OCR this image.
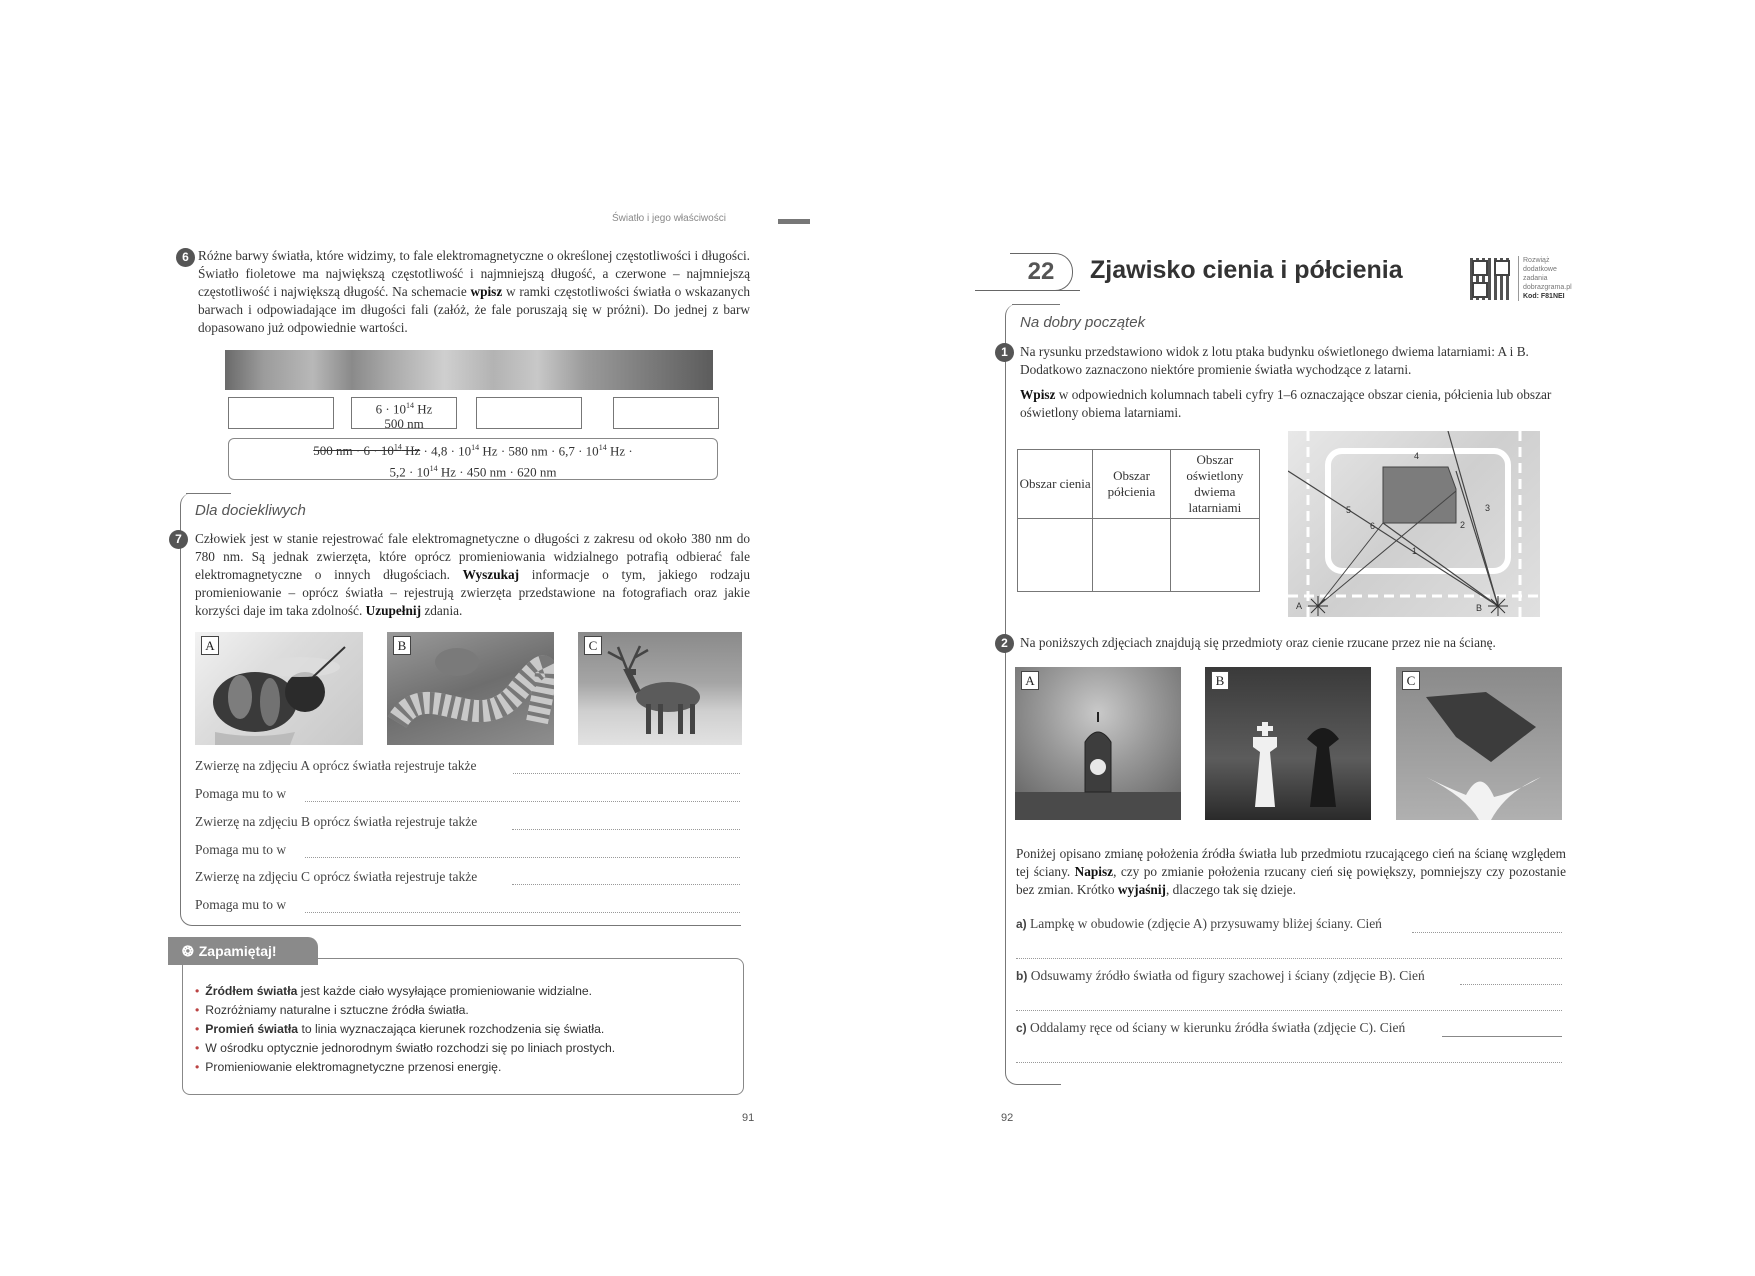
Światło i jego właściwości
6 Różne barwy światła, które widzimy, to fale elektromagnetyczne o określonej częstotliwości i długości. Światło fioletowe ma największą częstotliwość i najmniejszą długość, a czerwone – najmniejszą częstotliwość i największą długość. Na schemacie wpisz w ramki częstotliwości światła o wskazanych barwach i odpowiadające im długości fali (załóż, że fale poruszają się w próżni). Do jednej z barw dopasowano już odpowiednie wartości.
$6 \cdot 10^{14}$ Hz
500 nm
500 nm · $6 \cdot 10^{14}$ $Hz \cdot 4,8 \cdot 10^{14}$ Hz · 580 nm · $6,7 \cdot 10^{14}$ Hz ·
$5,2 \cdot 10^{14}$ Hz · 450 nm · 620 nm
Dla dociekliwych
7 Człowiek jest w stanie rejestrować fale elektromagnetyczne o długości z zakresu od około 380 nm do 780 nm. Są jednak zwierzęta, które oprócz promieniowania widzialnego potrafią odbierać fale elektromagnetyczne o innych długościach. Wyszukaj informacje o tym, jakiego rodzaju promieniowanie – oprócz światła – rejestrują zwierzęta przedstawione na fotografiach oraz jakie korzyści daje im taka zdolność. Uzupełnij zdania.
A	B	C
Zwierzę na zdjęciu A oprócz światła rejestruje także
Pomaga mu to w
Zwierzę na zdjęciu B oprócz światła rejestruje także
Pomaga mu to w
Zwierzę na zdjęciu C oprócz światła rejestruje także
Pomaga mu to w
❂ Zapamiętaj!
• Źródłem światła jest każde ciało wysyłające promieniowanie widzialne.
• Rozróżniamy naturalne i sztuczne źródła światła.
• Promień światła to linia wyznaczająca kierunek rozchodzenia się światła.
• W ośrodku optycznie jednorodnym światło rozchodzi się po liniach prostych.
• Promieniowanie elektromagnetyczne przenosi energię.
91
22	Zjawisko cienia i półcienia	Rozwiąż
dodatkowe
zadania
dobrazgrama.pl
Kod: F81NEI
Na dobry początek
1 Na rysunku przedstawiono widok z lotu ptaka budynku oświetlonego dwiema latarniami: A i B. Dodatkowo zaznaczono niektóre promienie światła wychodzące z latarni.
Wpisz w odpowiednich kolumnach tabeli cyfry 1–6 oznaczające obszar cienia, półcienia lub obszar oświetlony obiema latarniami.
Obszar cienia	Obszar półcienia	Obszar oświetlony dwiema latarniami

4
5
6
3
2
1
A	B
2 Na poniższych zdjęciach znajdują się przedmioty oraz cienie rzucane przez nie na ścianę.
A	B	C
Poniżej opisano zmianę położenia źródła światła lub przedmiotu rzucającego cień na ścianę względem tej ściany. Napisz, czy po zmianie położenia rzucany cień się powiększy, pomniejszy czy pozostanie bez zmian. Krótko wyjaśnij, dlaczego tak się dzieje.
a) Lampkę w obudowie (zdjęcie A) przysuwamy bliżej ściany. Cień
b) Odsuwamy źródło światła od figury szachowej i ściany (zdjęcie B). Cień
c) Oddalamy ręce od ściany w kierunku źródła światła (zdjęcie C). Cień
92
